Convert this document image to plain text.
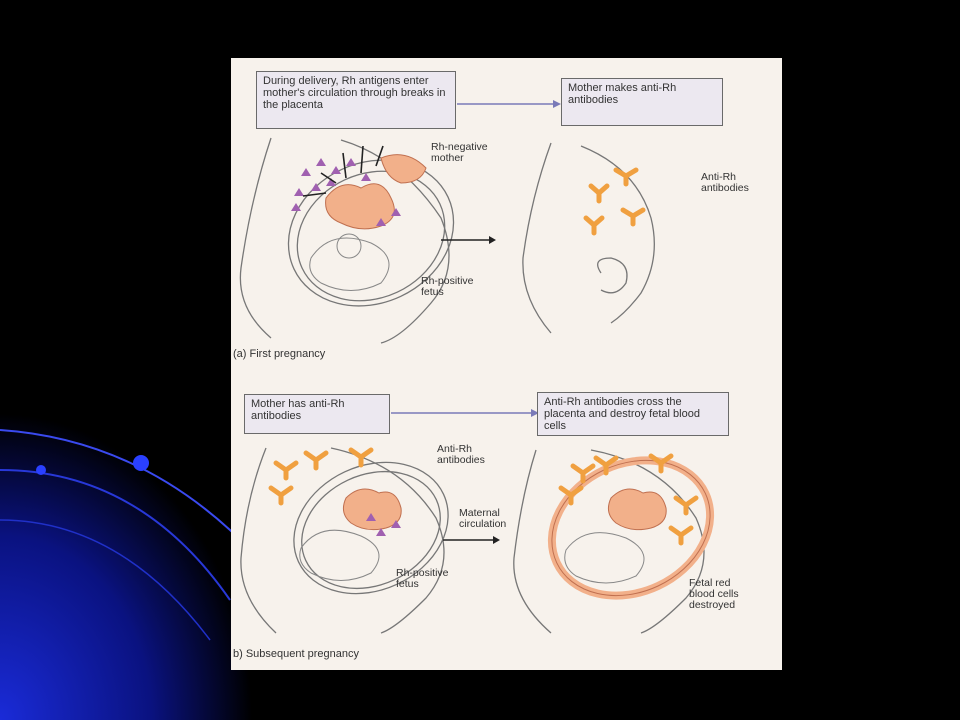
During delivery, Rh antigens enter mother's circulation through breaks in the placenta
Mother makes anti-Rh antibodies
Rh-negative mother
Rh-positive fetus
Anti-Rh antibodies
(a) First pregnancy
Mother has anti-Rh antibodies
Anti-Rh antibodies cross the placenta and destroy fetal blood cells
Anti-Rh antibodies
Maternal circulation
Rh-positive fetus	Fetal red blood cells destroyed
b) Subsequent pregnancy
